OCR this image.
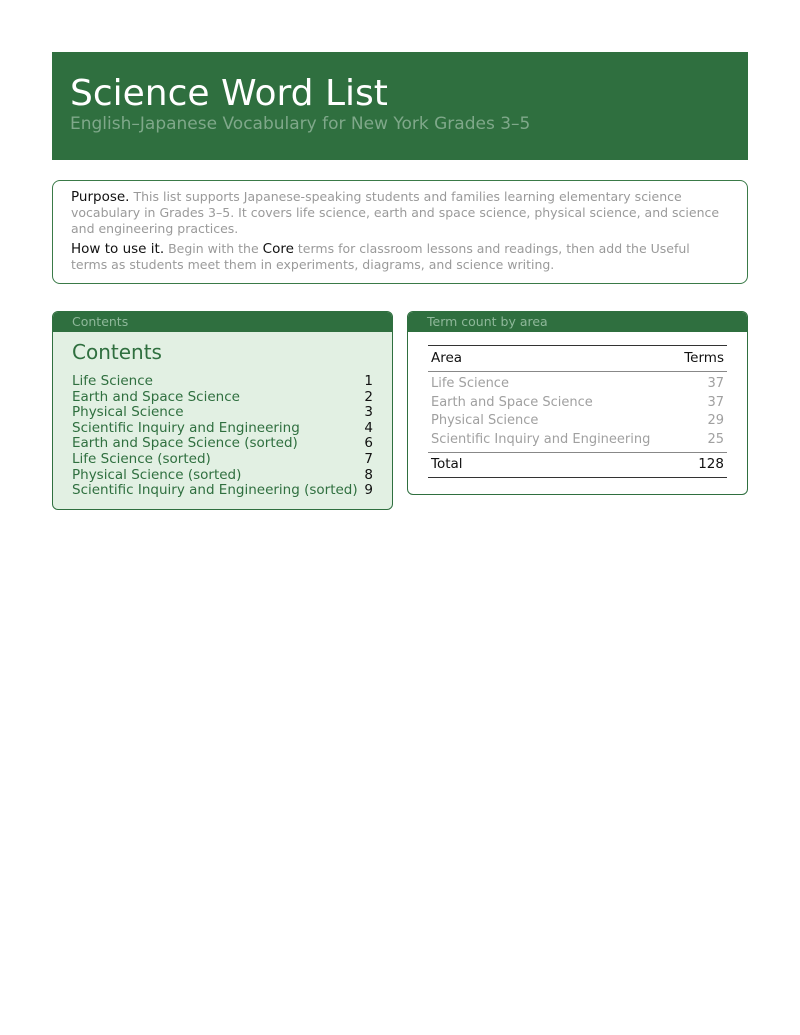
Science Word List
English–Japanese Vocabulary for New York Grades 3–5

Purpose. This list supports Japanese-speaking students and families learning elementary science vocabulary in Grades 3–5. It covers life science, earth and space science, physical science, and science and engineering practices.

How to use it. Begin with the Core terms for classroom lessons and readings, then add the Useful terms as students meet them in experiments, diagrams, and science writing.

Contents
Contents
Life Science	1
Earth and Space Science	2
Physical Science	3
Scientific Inquiry and Engineering	4
Earth and Space Science (sorted)	6
Life Science (sorted)	7
Physical Science (sorted)	8
Scientific Inquiry and Engineering (sorted) 9
Term count by area
Area	Terms
Life Science	37
Earth and Space Science	37
Physical Science	29
Scientific Inquiry and Engineering	25
Total	128
